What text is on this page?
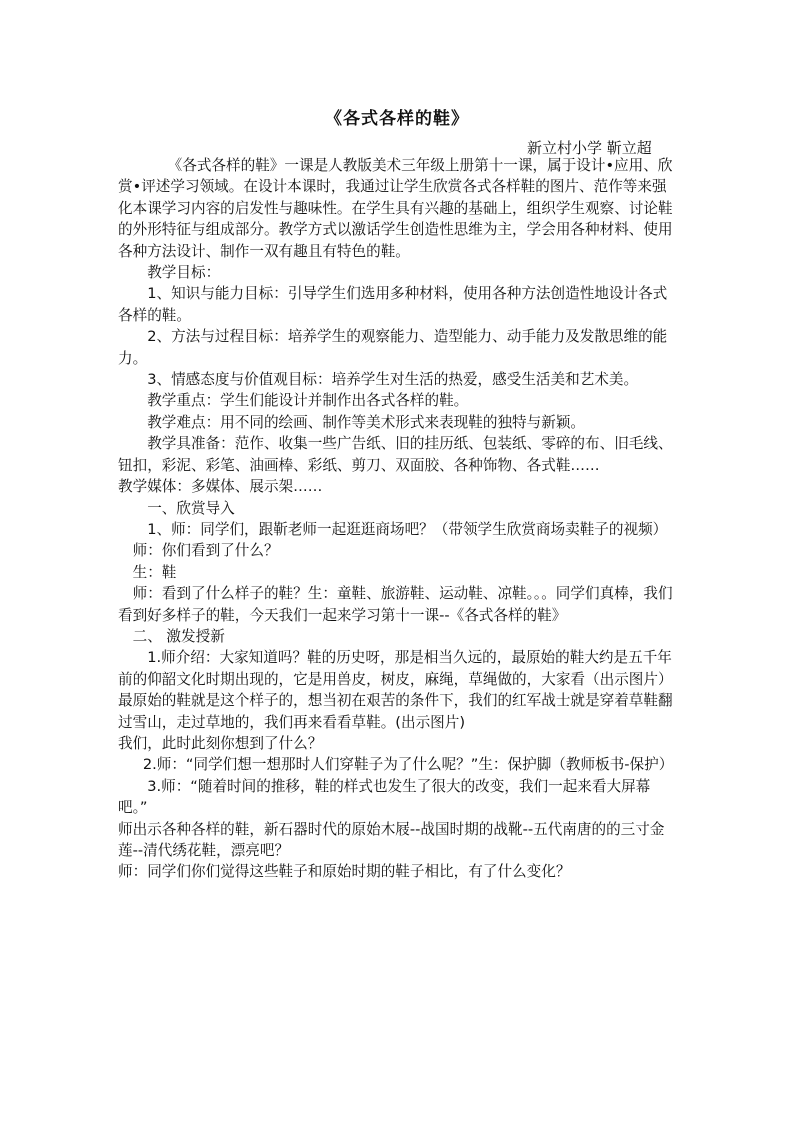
《各式各样的鞋》
新立村小学 靳立超

《各式各样的鞋》一课是人教版美术三年级上册第十一课，属于设计•应用、欣赏•评述学习领域。在设计本课时，我通过让学生欣赏各式各样鞋的图片、范作等来强化本课学习内容的启发性与趣味性。在学生具有兴趣的基础上，组织学生观察、讨论鞋的外形特征与组成部分。教学方式以激话学生创造性思维为主，学会用各种材料、使用各种方法设计、制作一双有趣且有特色的鞋。

教学目标：

1、知识与能力目标：引导学生们选用多种材料，使用各种方法创造性地设计各式各样的鞋。

2、方法与过程目标：培养学生的观察能力、造型能力、动手能力及发散思维的能力。

3、情感态度与价值观目标：培养学生对生活的热爱，感受生活美和艺术美。

教学重点：学生们能设计并制作出各式各样的鞋。

教学难点：用不同的绘画、制作等美术形式来表现鞋的独特与新颖。

教学具准备：范作、收集一些广告纸、旧的挂历纸、包装纸、零碎的布、旧毛线、钮扣，彩泥、彩笔、油画棒、彩纸、剪刀、双面胶、各种饰物、各式鞋……

教学媒体：多媒体、展示架……

一、欣赏导入

1、师：同学们，跟靳老师一起逛逛商场吧？（带领学生欣赏商场卖鞋子的视频）

师：你们看到了什么？

生：鞋

师：看到了什么样子的鞋？生：童鞋、旅游鞋、运动鞋、凉鞋。。。同学们真棒，我们看到好多样子的鞋，今天我们一起来学习第十一课--《各式各样的鞋》

二、 激发授新

1.师介绍：大家知道吗？鞋的历史呀，那是相当久远的，最原始的鞋大约是五千年前的仰韶文化时期出现的，它是用兽皮，树皮，麻绳，草绳做的，大家看（出示图片）最原始的鞋就是这个样子的，想当初在艰苦的条件下，我们的红军战士就是穿着草鞋翻过雪山，走过草地的，我们再来看看草鞋。(出示图片)

我们，此时此刻你想到了什么？

2.师：“同学们想一想那时人们穿鞋子为了什么呢？”生：保护脚（教师板书-保护）

3.师：“随着时间的推移，鞋的样式也发生了很大的改变，我们一起来看大屏幕吧。”

师出示各种各样的鞋，新石器时代的原始木屐--战国时期的战靴--五代南唐的的三寸金莲--清代绣花鞋，漂亮吧？

师：同学们你们觉得这些鞋子和原始时期的鞋子相比，有了什么变化？
